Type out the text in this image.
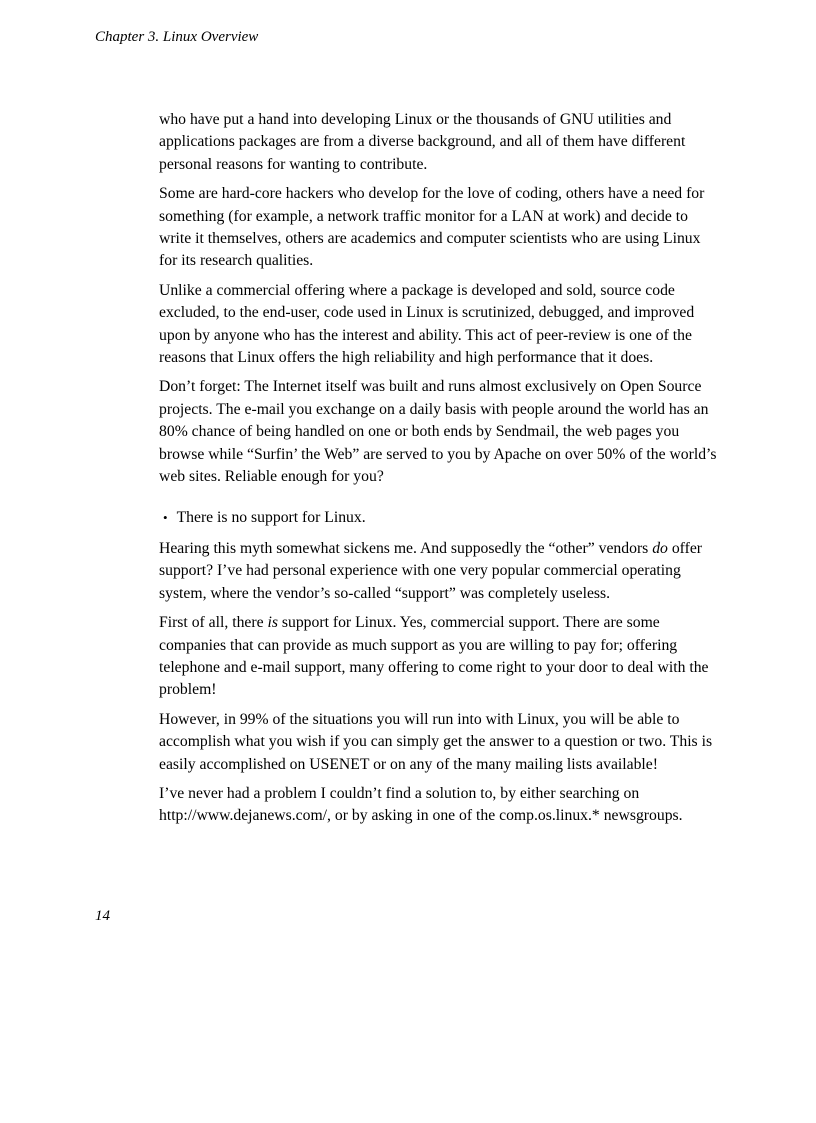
Chapter 3. Linux Overview

who have put a hand into developing Linux or the thousands of GNU utilities and applications packages are from a diverse background, and all of them have different personal reasons for wanting to contribute.

Some are hard-core hackers who develop for the love of coding, others have a need for something (for example, a network traffic monitor for a LAN at work) and decide to write it themselves, others are academics and computer scientists who are using Linux for its research qualities.

Unlike a commercial offering where a package is developed and sold, source code excluded, to the end-user, code used in Linux is scrutinized, debugged, and improved upon by anyone who has the interest and ability. This act of peer-review is one of the reasons that Linux offers the high reliability and high performance that it does.

Don’t forget: The Internet itself was built and runs almost exclusively on Open Source projects. The e-mail you exchange on a daily basis with people around the world has an 80% chance of being handled on one or both ends by Sendmail, the web pages you browse while “Surfin’ the Web” are served to you by Apache on over 50% of the world’s web sites. Reliable enough for you?

• There is no support for Linux.

Hearing this myth somewhat sickens me. And supposedly the “other” vendors do offer support? I’ve had personal experience with one very popular commercial operating system, where the vendor’s so-called “support” was completely useless.

First of all, there is support for Linux. Yes, commercial support. There are some companies that can provide as much support as you are willing to pay for; offering telephone and e-mail support, many offering to come right to your door to deal with the problem!

However, in 99% of the situations you will run into with Linux, you will be able to accomplish what you wish if you can simply get the answer to a question or two. This is easily accomplished on USENET or on any of the many mailing lists available!

I’ve never had a problem I couldn’t find a solution to, by either searching on http://www.dejanews.com/, or by asking in one of the comp.os.linux.* newsgroups.

14
